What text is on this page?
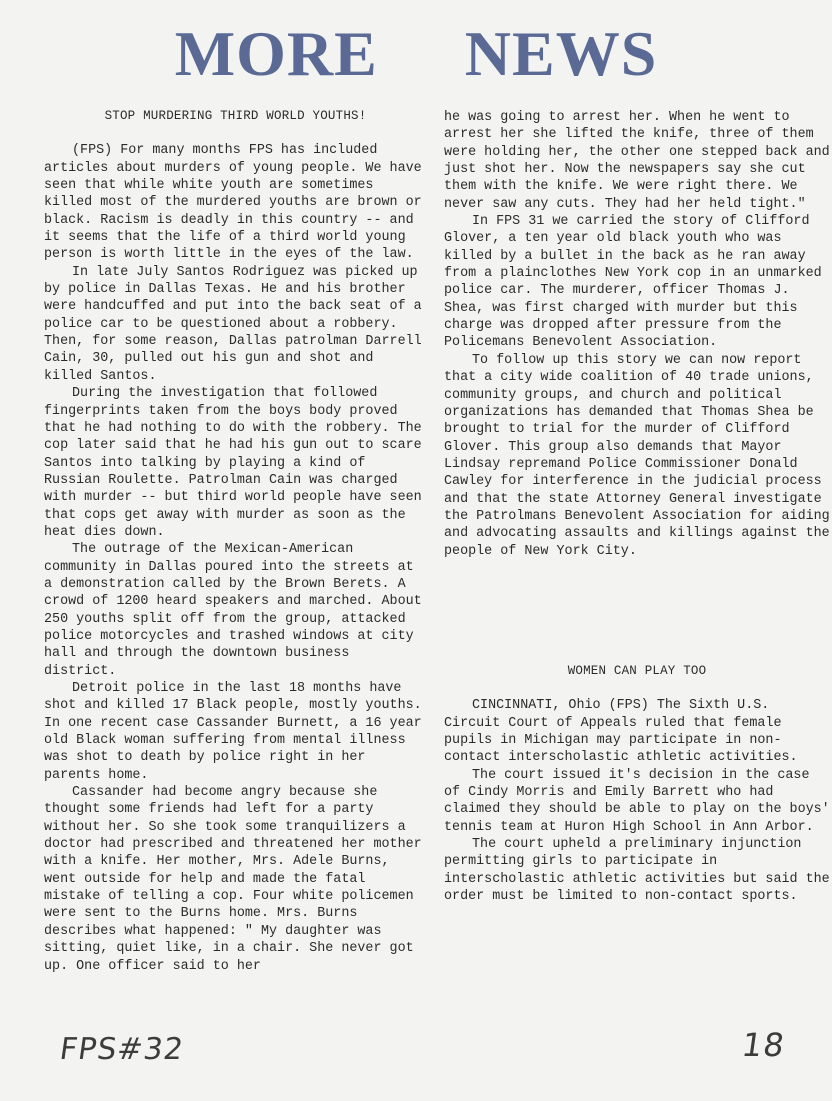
MORE NEWS
STOP MURDERING THIRD WORLD YOUTHS!

(FPS) For many months FPS has included articles about murders of young people. We have seen that while white youth are sometimes killed most of the murdered youths are brown or black. Racism is deadly in this country -- and it seems that the life of a third world young person is worth little in the eyes of the law.

In late July Santos Rodriguez was picked up by police in Dallas Texas. He and his brother were handcuffed and put into the back seat of a police car to be questioned about a robbery. Then, for some reason, Dallas patrolman Darrell Cain, 30, pulled out his gun and shot and killed Santos.

During the investigation that followed fingerprints taken from the boys body proved that he had nothing to do with the robbery. The cop later said that he had his gun out to scare Santos into talking by playing a kind of Russian Roulette. Patrolman Cain was charged with murder -- but third world people have seen that cops get away with murder as soon as the heat dies down.

The outrage of the Mexican-American community in Dallas poured into the streets at a demonstration called by the Brown Berets. A crowd of 1200 heard speakers and marched. About 250 youths split off from the group, attacked police motorcycles and trashed windows at city hall and through the downtown business district.

Detroit police in the last 18 months have shot and killed 17 Black people, mostly youths. In one recent case Cassander Burnett, a 16 year old Black woman suffering from mental illness was shot to death by police right in her parents home.

Cassander had become angry because she thought some friends had left for a party without her. So she took some tranquilizers a doctor had prescribed and threatened her mother with a knife. Her mother, Mrs. Adele Burns, went outside for help and made the fatal mistake of telling a cop. Four white policemen were sent to the Burns home. Mrs. Burns describes what happened: " My daughter was sitting, quiet like, in a chair. She never got up. One officer said to her

he was going to arrest her. When he went to arrest her she lifted the knife, three of them were holding her, the other one stepped back and just shot her. Now the newspapers say she cut them with the knife. We were right there. We never saw any cuts. They had her held tight."

In FPS 31 we carried the story of Clifford Glover, a ten year old black youth who was killed by a bullet in the back as he ran away from a plainclothes New York cop in an unmarked police car. The murderer, officer Thomas J. Shea, was first charged with murder but this charge was dropped after pressure from the Policemans Benevolent Association.

To follow up this story we can now report that a city wide coalition of 40 trade unions, community groups, and church and political organizations has demanded that Thomas Shea be brought to trial for the murder of Clifford Glover. This group also demands that Mayor Lindsay repremand Police Commissioner Donald Cawley for interference in the judicial process and that the state Attorney General investigate the Patrolmans Benevolent Association for aiding and advocating assaults and killings against the people of New York City.

WOMEN CAN PLAY TOO

CINCINNATI, Ohio (FPS) The Sixth U.S. Circuit Court of Appeals ruled that female pupils in Michigan may participate in non-contact interscholastic athletic activities.

The court issued it's decision in the case of Cindy Morris and Emily Barrett who had claimed they should be able to play on the boys' tennis team at Huron High School in Ann Arbor.

The court upheld a preliminary injunction permitting girls to participate in interscholastic athletic activities but said the order must be limited to non-contact sports.

FPS#32	18
